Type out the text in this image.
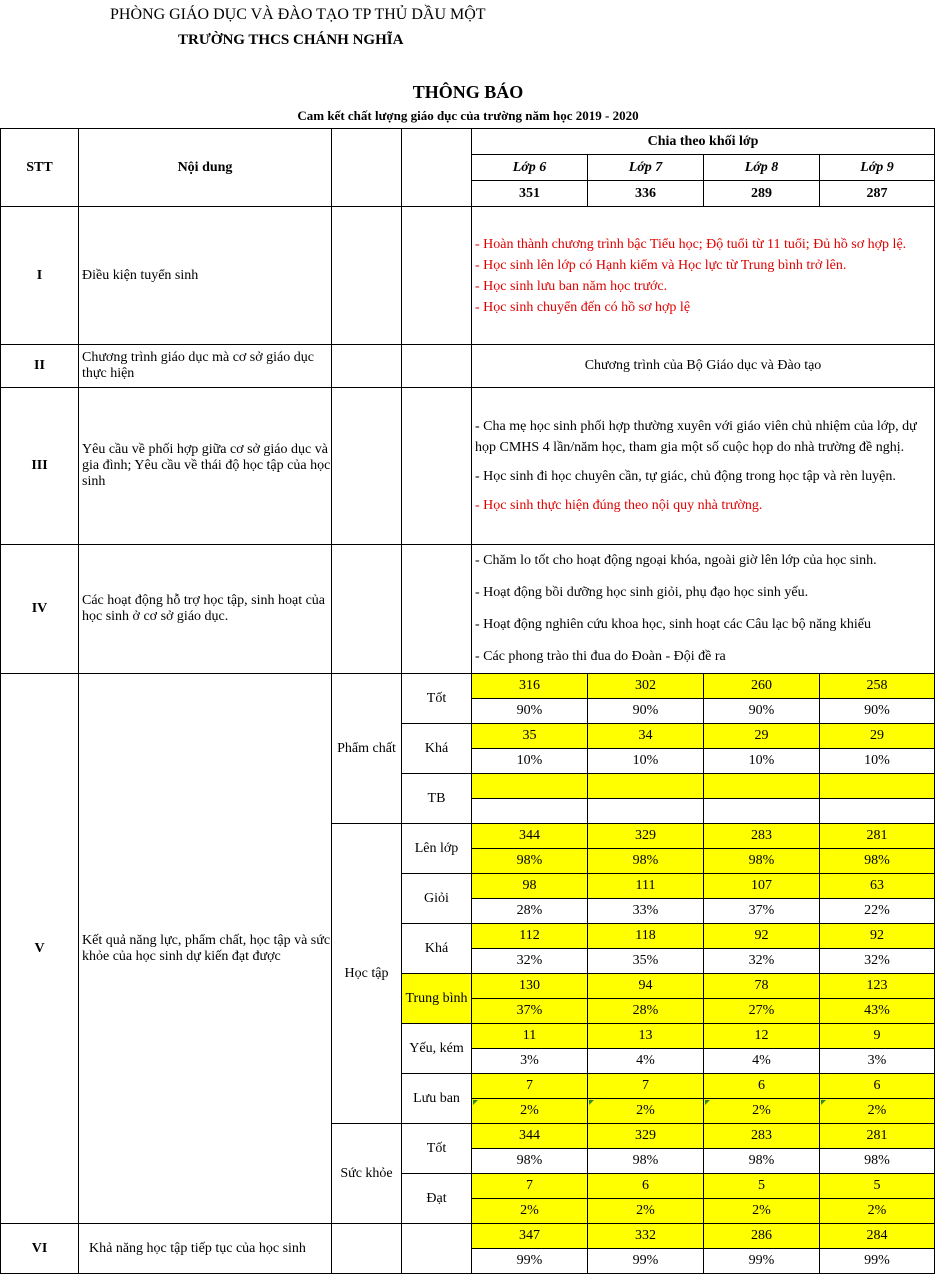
PHÒNG GIÁO DỤC VÀ ĐÀO TẠO TP THỦ DẦU MỘT
TRƯỜNG THCS CHÁNH NGHĨA
THÔNG BÁO
Cam kết chất lượng giáo dục của trường năm học 2019 - 2020
STT	Nội dung			Chia theo khối lớp			
				Lớp 6	Lớp 7	Lớp 8	Lớp 9
				351	336	289	287
I	Điều kiện tuyển sinh			- Hoàn thành chương trình bậc Tiểu học; Độ tuổi từ 11 tuổi; Đủ hồ sơ hợp lệ.

- Học sinh lên lớp có Hạnh kiểm và Học lực từ Trung bình trở lên.

- Học sinh lưu ban năm học trước.

- Học sinh chuyển đến có hồ sơ hợp lệ			

II	Chương trình giáo dục mà cơ sở giáo dục thực hiện			Chương trình của Bộ Giáo dục và Đào tạo			
III	Yêu cầu về phối hợp giữa cơ sở giáo dục và gia đình; Yêu cầu về thái độ học tập của học sinh			- Cha mẹ học sinh phối hợp thường xuyên với giáo viên chủ nhiệm của lớp, dự họp CMHS 4 lần/năm học, tham gia một số cuộc họp do nhà trường đề nghị.

- Học sinh đi học chuyên cần, tự giác, chủ động trong học tập và rèn luyện.

- Học sinh thực hiện đúng theo nội quy nhà trường.			

IV	Các hoạt động hỗ trợ học tập, sinh hoạt của học sinh ở cơ sở giáo dục.			- Chăm lo tốt cho hoạt động ngoại khóa, ngoài giờ lên lớp của học sinh.

- Hoạt động bồi dưỡng học sinh giỏi, phụ đạo học sinh yếu.

- Hoạt động nghiên cứu khoa học, sinh hoạt các Câu lạc bộ năng khiếu

- Các phong trào thi đua do Đoàn - Đội đề ra			

V	Kết quả năng lực, phẩm chất, học tập và sức khỏe của học sinh dự kiến đạt được	Phẩm chất	Tốt	316	302	260	258
				90%	90%	90%	90%
			Khá	35	34	29	29
				10%	10%	10%	10%
			TB				

		Học tập	Lên lớp	344	329	283	281
				98%	98%	98%	98%
			Giỏi	98	111	107	63
				28%	33%	37%	22%
			Khá	112	118	92	92
				32%	35%	32%	32%
			Trung bình	130	94	78	123
				37%	28%	27%	43%
			Yếu, kém	11	13	12	9
				3%	4%	4%	3%
			Lưu ban	7	7	6	6
				2%	2%	2%	2%
		Sức khỏe	Tốt	344	329	283	281
				98%	98%	98%	98%
			Đạt	7	6	5	5
				2%	2%	2%	2%
VI	Khả năng học tập tiếp tục của học sinh			347	332	286	284
				99%	99%	99%	99%
